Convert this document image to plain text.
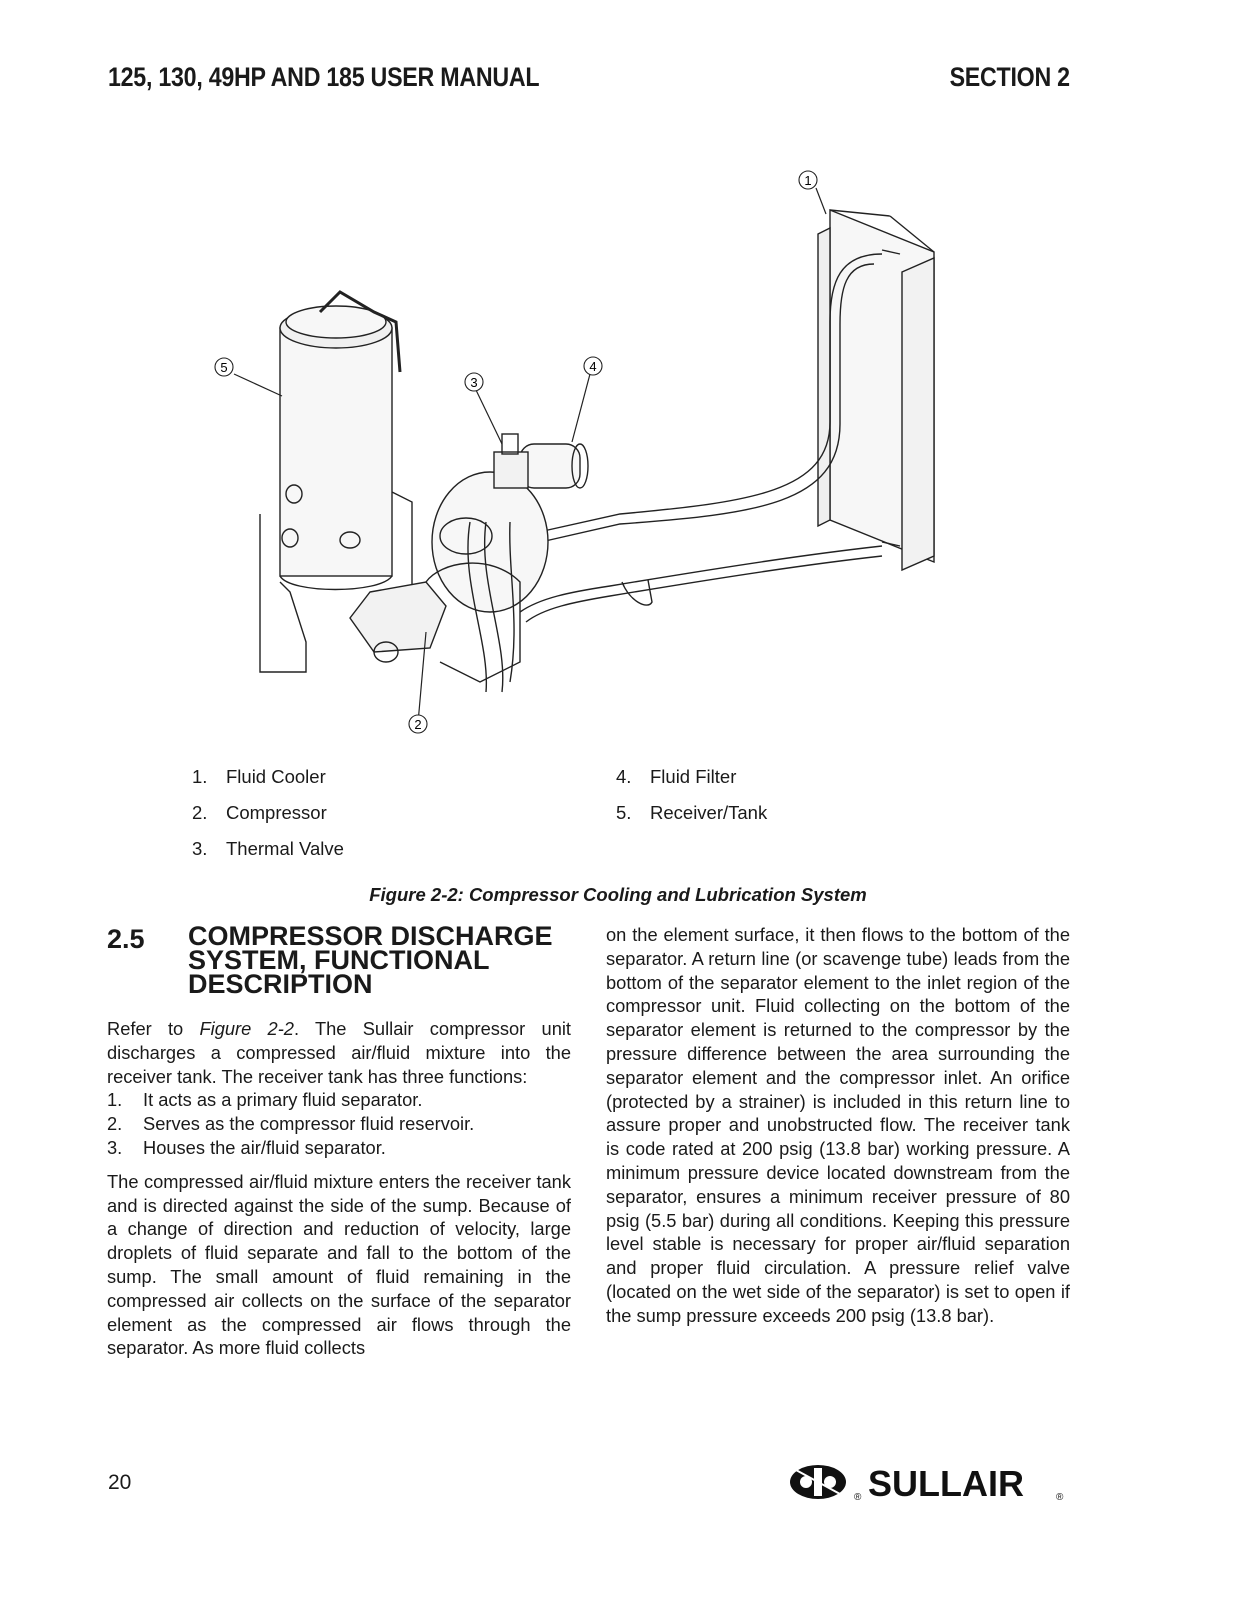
125, 130, 49HP AND 185 USER MANUAL	SECTION 2
1
2
3
4
5
1. Fluid Cooler
2. Compressor
3. Thermal Valve
4. Fluid Filter
5. Receiver/Tank
Figure 2-2: Compressor Cooling and Lubrication System
2.5 COMPRESSOR DISCHARGE SYSTEM, FUNCTIONAL DESCRIPTION

Refer to Figure 2-2. The Sullair compressor unit discharges a compressed air/fluid mixture into the receiver tank. The receiver tank has three functions:

1. It acts as a primary fluid separator.

2. Serves as the compressor fluid reservoir.

3. Houses the air/fluid separator.

The compressed air/fluid mixture enters the receiver tank and is directed against the side of the sump. Because of a change of direction and reduction of velocity, large droplets of fluid separate and fall to the bottom of the sump. The small amount of fluid remaining in the compressed air collects on the surface of the separator element as the compressed air flows through the separator. As more fluid collects

on the element surface, it then flows to the bottom of the separator. A return line (or scavenge tube) leads from the bottom of the separator element to the inlet region of the compressor unit. Fluid collecting on the bottom of the separator element is returned to the compressor by the pressure difference between the area surrounding the separator element and the compressor inlet. An orifice (protected by a strainer) is included in this return line to assure proper and unobstructed flow. The receiver tank is code rated at 200 psig (13.8 bar) working pressure. A minimum pressure device located downstream from the separator, ensures a minimum receiver pressure of 80 psig (5.5 bar) during all conditions. Keeping this pressure level stable is necessary for proper air/fluid separation and proper fluid circulation. A pressure relief valve (located on the wet side of the separator) is set to open if the sump pressure exceeds 200 psig (13.8 bar).

20
® SULLAIR	®
